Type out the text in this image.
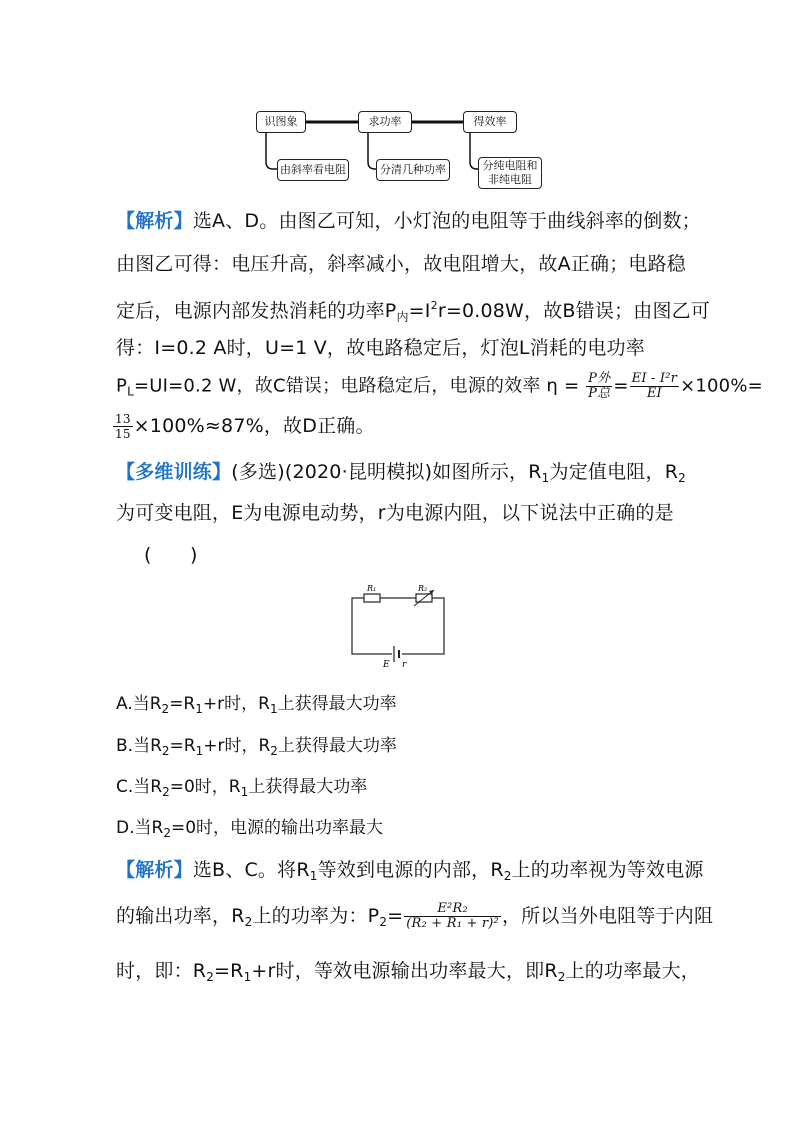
识图象	求功率	得效率
由斜率看电阻	分清几种功率	分纯电阻和
非纯电阻
【解析】选A、D。由图乙可知，小灯泡的电阻等于曲线斜率的倒数；
由图乙可得：电压升高，斜率减小，故电阻增大，故A正确；电路稳
定后，电源内部发热消耗的功率$P_内=I^2r=0.08W$，故B错误；由图乙可
得：I=0.2 A时，U=1 V，故电路稳定后，灯泡L消耗的电功率
$P_L=UI=0.2$ W，故C错误；电路稳定后，电源的效率 $\eta = \frac{\text{P外}}{\text{P总}} = \frac{\text{EI - I²r}}{EI} \times 100\%=$
$\frac{13}{15} \times 100\%\approx 87\%$，故D正确。
【多维训练】(多选)(2020·昆明模拟)如图所示，$R_1$为定值电阻，$R_2$
为可变电阻，E为电源电动势，r为电源内阻，以下说法中正确的是
(　　)
R₁	R₂
E r
A.当$R_2=R_1+r$时，$R_1$上获得最大功率
B.当$R_2=R_1+r$时，$R_2$上获得最大功率
C.当$R_2=0$时，$R_1$上获得最大功率
D.当$R_2=0$时，电源的输出功率最大
【解析】选B、C。将$R_1$等效到电源的内部，$R_2$上的功率视为等效电源
的输出功率，$R_2$上的功率为：$P_2= \frac{\text{E²R₂}}{\text{(R₂ + R₁ + r)²}}$ ，所以当外电阻等于内阻
时，即：$R_2=R_1+r$时，等效电源输出功率最大，即$R_2$上的功率最大，
